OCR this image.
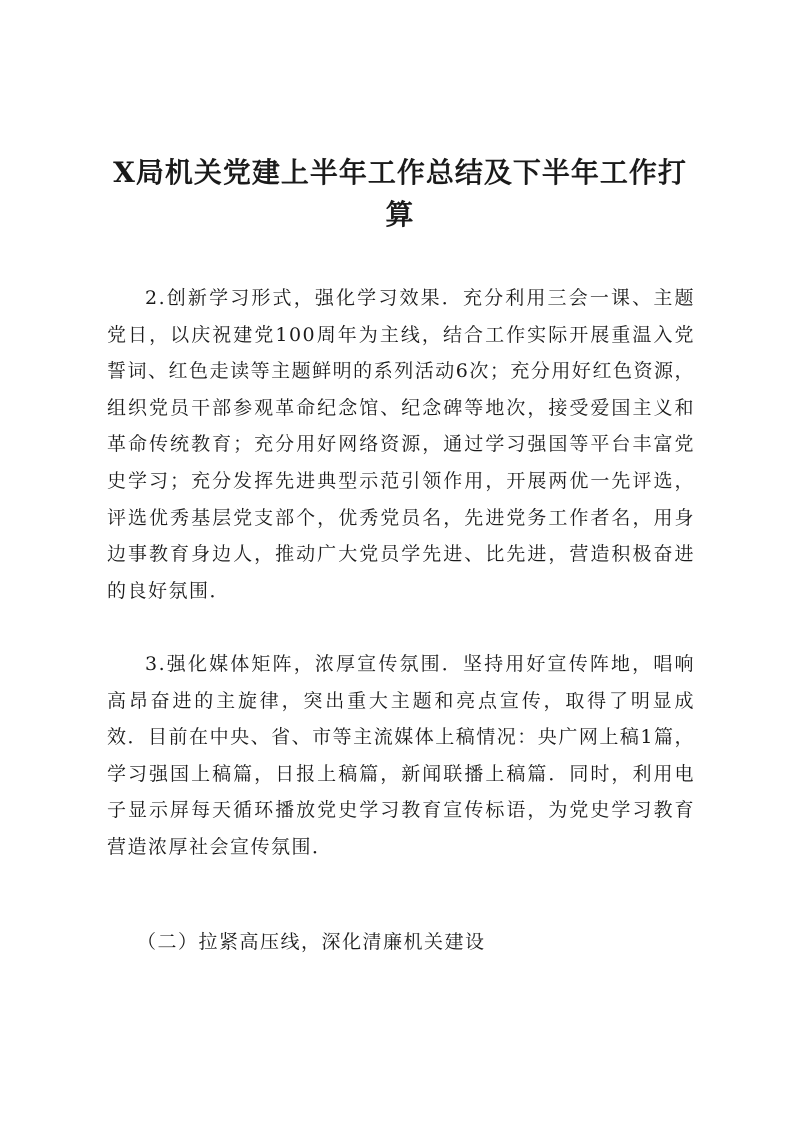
X局机关党建上半年工作总结及下半年工作打算

2.创新学习形式，强化学习效果．充分利用三会一课、主题党日，以庆祝建党100周年为主线，结合工作实际开展重温入党誓词、红色走读等主题鲜明的系列活动6次；充分用好红色资源，组织党员干部参观革命纪念馆、纪念碑等地次，接受爱国主义和革命传统教育；充分用好网络资源，通过学习强国等平台丰富党史学习；充分发挥先进典型示范引领作用，开展两优一先评选，评选优秀基层党支部个，优秀党员名，先进党务工作者名，用身边事教育身边人，推动广大党员学先进、比先进，营造积极奋进的良好氛围．

3.强化媒体矩阵，浓厚宣传氛围．坚持用好宣传阵地，唱响高昂奋进的主旋律，突出重大主题和亮点宣传，取得了明显成效．目前在中央、省、市等主流媒体上稿情况：央广网上稿1篇，学习强国上稿篇，日报上稿篇，新闻联播上稿篇．同时，利用电子显示屏每天循环播放党史学习教育宣传标语，为党史学习教育营造浓厚社会宣传氛围．

（二）拉紧高压线，深化清廉机关建设
